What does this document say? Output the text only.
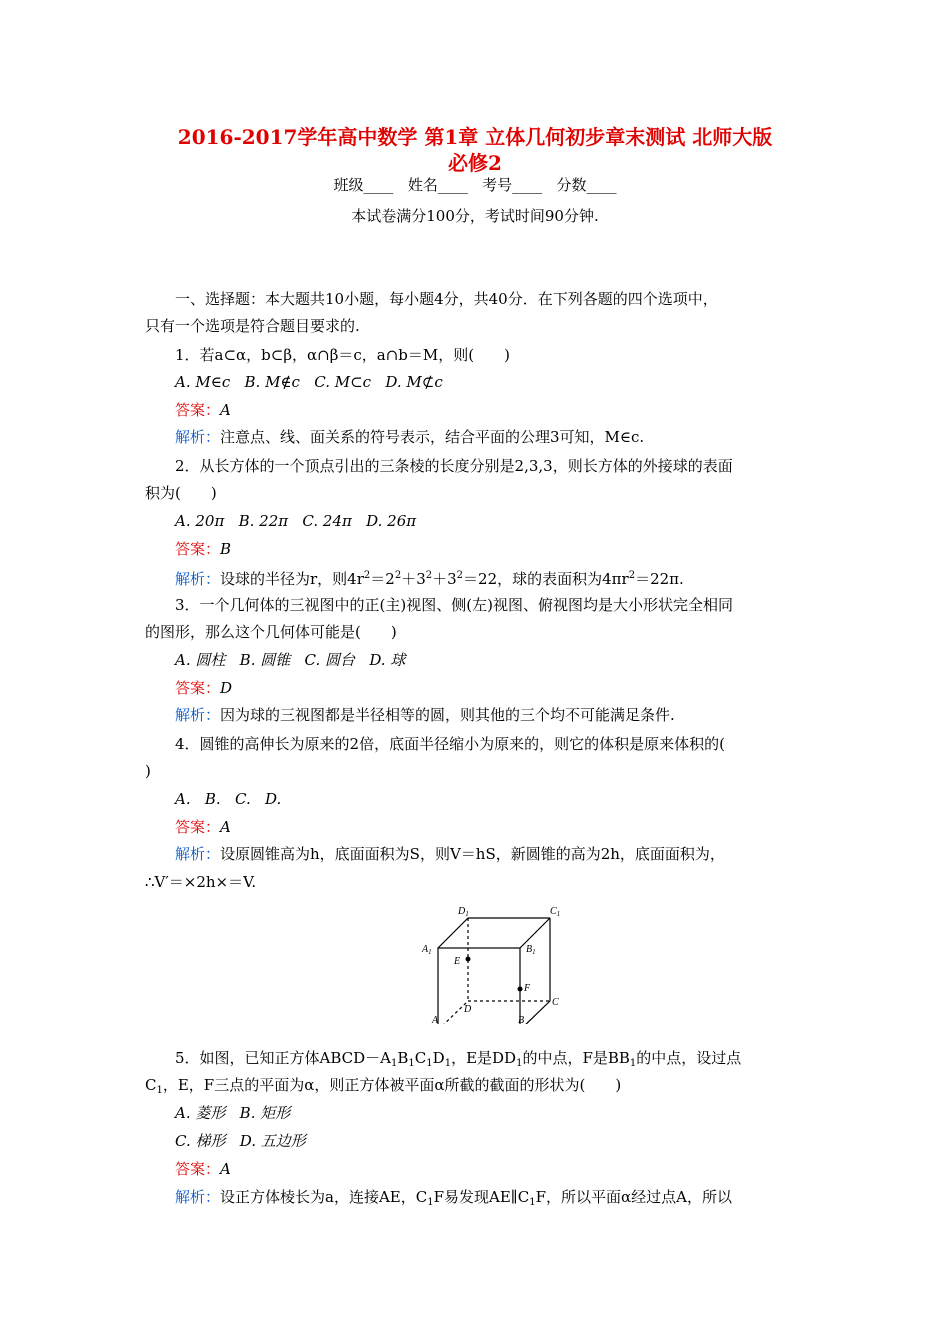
2016-2017学年高中数学 第1章 立体几何初步章末测试 北师大版
必修2
班级____   姓名____   考号____   分数____
本试卷满分100分，考试时间90分钟.
一、选择题：本大题共10小题，每小题4分，共40分．在下列各题的四个选项中，
只有一个选项是符合题目要求的.
1．若a⊂α，b⊂β，α∩β＝c，a∩b＝M，则(　　)
A. M∈c   B. M∉c   C. M⊂c   D. M⊄c
答案：A
解析：注意点、线、面关系的符号表示，结合平面的公理3可知，M∈c.
2．从长方体的一个顶点引出的三条棱的长度分别是2,3,3，则长方体的外接球的表面
积为(　　)
A. 20π   B. 22π   C. 24π   D. 26π
答案：B
解析：设球的半径为r，则$4r^2=2^2+3^2+3^2=22$，球的表面积为$4\pi r^2=22\pi$.
3．一个几何体的三视图中的正(主)视图、侧(左)视图、俯视图均是大小形状完全相同
的图形，那么这个几何体可能是(　　)
A. 圆柱   B. 圆锥   C. 圆台   D. 球
答案：D
解析：因为球的三视图都是半径相等的圆，则其他的三个均不可能满足条件.
4．圆锥的高伸长为原来的2倍，底面半径缩小为原来的，则它的体积是原来体积的(
)
A.   B.   C.   D.
答案：A
解析：设原圆锥高为h，底面面积为S，则V＝hS，新圆锥的高为2h，底面面积为，
∴V′＝×2h×＝V.
$D_1$	$C_1$
$A_1$	$B_1$
E
F
C
D
A	B
5．如图，已知正方体$ABCD-A_1B_1C_1D_1$，E是$DD_1$的中点，F是$BB_1$的中点，设过点
$C_1$，E，F三点的平面为α，则正方体被平面α所截的截面的形状为(　　)
A. 菱形   B. 矩形
C. 梯形   D. 五边形
答案：A
解析：设正方体棱长为a，连接AE，$C_1F$易发现$AE\parallel C_1F$，所以平面α经过点A，所以
